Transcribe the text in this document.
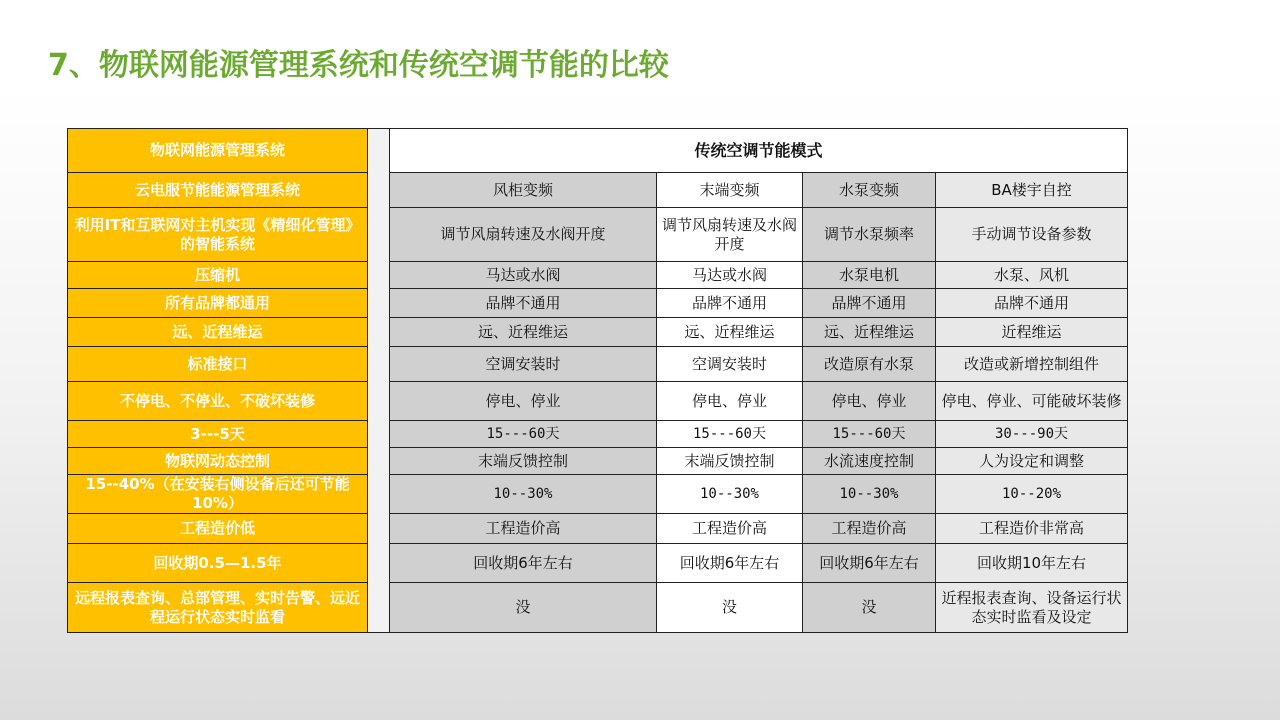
7、物联网能源管理系统和传统空调节能的比较
物联网能源管理系统		传统空调节能模式			
云电服节能能源管理系统		风柜变频	末端变频	水泵变频	BA楼宇自控
利用IT和互联网对主机实现《精细化管理》的智能系统		调节风扇转速及水阀开度	调节风扇转速及水阀开度	调节水泵频率	手动调节设备参数
压缩机		马达或水阀	马达或水阀	水泵电机	水泵、风机
所有品牌都通用		品牌不通用	品牌不通用	品牌不通用	品牌不通用
远、近程维运		远、近程维运	远、近程维运	远、近程维运	近程维运
标准接口		空调安装时	空调安装时	改造原有水泵	改造或新增控制组件
不停电、不停业、不破坏装修		停电、停业	停电、停业	停电、停业	停电、停业、可能破坏装修
3---5天		15---60天	15---60天	15---60天	30---90天
物联网动态控制		末端反馈控制	末端反馈控制	水流速度控制	人为设定和调整
15--40%（在安装右侧设备后还可节能10%）		10--30%	10--30%	10--30%	10--20%
工程造价低		工程造价高	工程造价高	工程造价高	工程造价非常高
回收期0.5—1.5年		回收期6年左右	回收期6年左右	回收期6年左右	回收期10年左右
远程报表查询、总部管理、实时告警、远近程运行状态实时监看		没	没	没	近程报表查询、设备运行状态实时监看及设定
